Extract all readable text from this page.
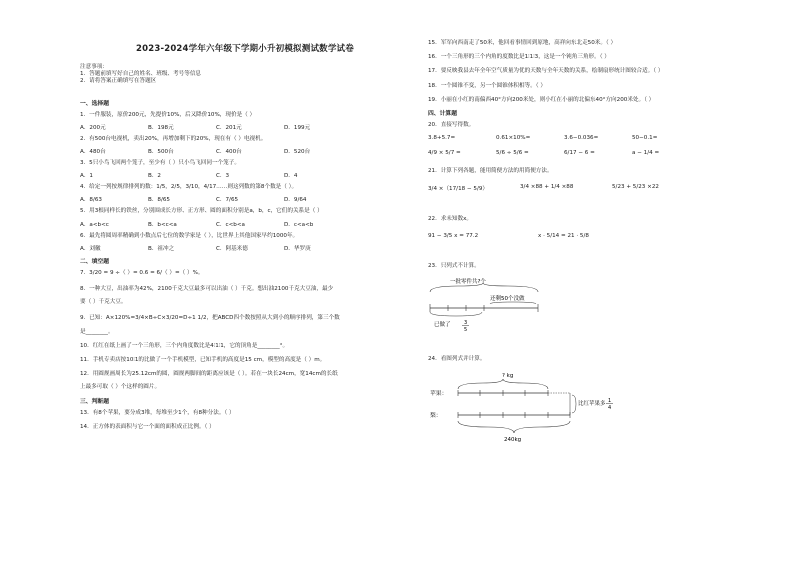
2023-2024学年六年级下学期小升初模拟测试数学试卷
注意事项：
1．答题前填写好自己的姓名、班级、考号等信息
2．请将答案正确填写在答题区
一、选择题
1．一件服装，原价200元，先提价10%，后又降价10%，现价是（ ）
A．200元	B．198元	C．201元	D．199元
2．有500台电视机，卖出20%，再增加剩下的20%，现在有（ ）电视机。
A．480台	B．500台	C．400台	D．520台
3．5只小鸟飞回两个笼子，至少有（ ）只小鸟飞回同一个笼子。
A．1	B．2	C．3	D．4
4．给定一列按规律排列的数：1/5，2/5，3/10，4/17……则这列数的第8个数是（ ）。
A．8/63	B．8/65	C．7/65	D．9/64
5．用3根同样长的铁丝，分别围成长方形、正方形、圆的面积分别是a，b，c，它们的关系是（ ）
A．a<b<c	B．b<c<a	C．c<b<a	D．c<a<b
6．最先将圆周率精确到小数点后七位的数学家是（ ），比世界上其他国家早约1000年。
A．刘徽	B．祖冲之	C．阿基米德	D．华罗庚
二、填空题
7．3/20 = 9 ÷（ ）= 0.6 = 6/（ ）=（ ）%。
8．一种大豆，出油率为42%，2100千克大豆最多可以出油（ ）千克。想出油2100千克大豆油，最少
要（ ）千克大豆。
9．已知：A×120%=3/4×B÷C×3/20=D÷1 1/2，把ABCD四个数按照从大到小的顺序排列，第三个数
是________。
10．红红在纸上画了一个三角形，三个内角度数比是4∶1∶1，它的顶角是________°。
11．手机专卖店按10∶1的比做了一个手机模型，已知手机的高度是15 cm，模型的高度是（ ）m。
12．用圆规画周长为25.12cm的圆，圆规两脚间的距离应该是（ ）。若在一块长24cm，宽14cm的长纸
上最多可取（ ）个这样的圆片。
三、判断题
13．有8个苹果，要分成3堆，每堆至少1个，有8种分法。（ ）
14．正方体的表面积与它一个面的面积成正比例。（ ）
15．军军向西南走了50米，他回看事情回到原地，高祥向东北走50米。（ ）
16．一个三角形的三个内角的度数比是1∶1∶3，这是一个钝角三角形。（ ）
17．要反映我县去年全年空气质量为优的天数与全年天数的关系，绘制扇形统计图较合适。（ ）
18．一个圆锥不变，另一个圆锥体积相等。（ ）
19．小丽在小红的南偏西40°方向200米处，则小红在小丽的北偏东40°方向200米处。（ ）
四、计算题
20．直接写得数。
3.8+5.7=	0.61×10%=	3.6−0.036=	50−0.1=
4/9 × 5/7 =	5/6 ÷ 5/6 =	6/17 − 6 =	a − 1/4 =
21．计算下列各题，能用简便方法的用简便方法。
3/4 ×（17/18 − 5/9）	3/4 ×88 + 1/4 ×88	5/23 + 5/23 ×22
22．求未知数x。
91 − 3/5 x = 77.2	x · 5/14 = 21 · 5/8
23．只列式不计算。
一批零件共?个
还剩50个没做
已做了	3
5
24．看图列式并计算。
? kg
苹果：
梨：
比红苹果多 1
4
240kg
